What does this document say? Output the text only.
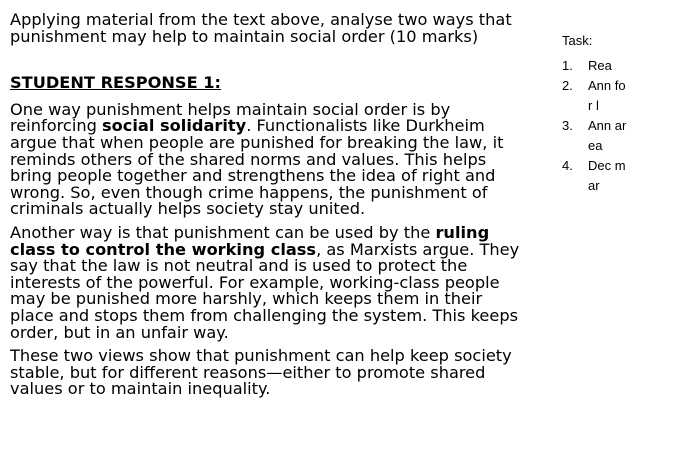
Applying material from the text above, analyse two ways that punishment may help to maintain social order (10 marks)

STUDENT RESPONSE 1:

One way punishment helps maintain social order is by reinforcing social solidarity. Functionalists like Durkheim argue that when people are punished for breaking the law, it reminds others of the shared norms and values. This helps bring people together and strengthens the idea of right and wrong. So, even though crime happens, the punishment of criminals actually helps society stay united.

Another way is that punishment can be used by the ruling class to control the working class, as Marxists argue. They say that the law is not neutral and is used to protect the interests of the powerful. For example, working-class people may be punished more harshly, which keeps them in their place and stops them from challenging the system. This keeps order, but in an unfair way.

These two views show that punishment can help keep society stable, but for different reasons—either to promote shared values or to maintain inequality.

Task:
1.	Rea
2.	Ann for l
3.	Ann area
4.	Dec mar
